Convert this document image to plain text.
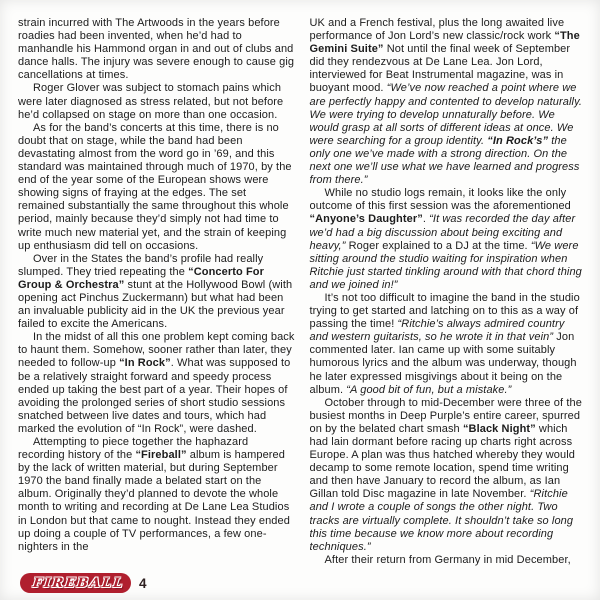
strain incurred with The Artwoods in the years before roadies had been invented, when he’d had to manhandle his Hammond organ in and out of clubs and dance halls. The injury was severe enough to cause gig cancellations at times.

Roger Glover was subject to stomach pains which were later diagnosed as stress related, but not before he’d collapsed on stage on more than one occasion.

As for the band’s concerts at this time, there is no doubt that on stage, while the band had been devastating almost from the word go in ’69, and this standard was maintained through much of 1970, by the end of the year some of the European shows were showing signs of fraying at the edges. The set remained substantially the same throughout this whole period, mainly because they’d simply not had time to write much new material yet, and the strain of keeping up enthusiasm did tell on occasions.

Over in the States the band’s profile had really slumped. They tried repeating the “Concerto For Group & Orchestra” stunt at the Hollywood Bowl (with opening act Pinchus Zuckermann) but what had been an invaluable publicity aid in the UK the previous year failed to excite the Americans.

In the midst of all this one problem kept coming back to haunt them. Somehow, sooner rather than later, they needed to follow-up “In Rock”. What was supposed to be a relatively straight forward and speedy process ended up taking the best part of a year. Their hopes of avoiding the prolonged series of short studio sessions snatched between live dates and tours, which had marked the evolution of “In Rock”, were dashed.

Attempting to piece together the haphazard recording history of the “Fireball” album is hampered by the lack of written material, but during September 1970 the band finally made a belated start on the album. Originally they’d planned to devote the whole month to writing and recording at De Lane Lea Studios in London but that came to nought. Instead they ended up doing a couple of TV performances, a few one-nighters in the

UK and a French festival, plus the long awaited live performance of Jon Lord’s new classic/rock work “The Gemini Suite” Not until the final week of September did they rendezvous at De Lane Lea. Jon Lord, interviewed for Beat Instrumental magazine, was in buoyant mood. “We’ve now reached a point where we are perfectly happy and contented to develop naturally. We were trying to develop unnaturally before. We would grasp at all sorts of different ideas at once. We were searching for a group identity. “In Rock’s” the only one we’ve made with a strong direction. On the next one we’ll use what we have learned and progress from there.”

While no studio logs remain, it looks like the only outcome of this first session was the aforementioned “Anyone’s Daughter”. “It was recorded the day after we’d had a big discussion about being exciting and heavy,” Roger explained to a DJ at the time. “We were sitting around the studio waiting for inspiration when Ritchie just started tinkling around with that chord thing and we joined in!”

It’s not too difficult to imagine the band in the studio trying to get started and latching on to this as a way of passing the time! “Ritchie’s always admired country and western guitarists, so he wrote it in that vein” Jon commented later. Ian came up with some suitably humorous lyrics and the album was underway, though he later expressed misgivings about it being on the album. “A good bit of fun, but a mistake.”

October through to mid-December were three of the busiest months in Deep Purple’s entire career, spurred on by the belated chart smash “Black Night” which had lain dormant before racing up charts right across Europe. A plan was thus hatched whereby they would decamp to some remote location, spend time writing and then have January to record the album, as Ian Gillan told Disc magazine in late November. “Ritchie and I wrote a couple of songs the other night. Two tracks are virtually complete. It shouldn’t take so long this time because we know more about recording techniques.”

After their return from Germany in mid December,

FIREBALL 4
